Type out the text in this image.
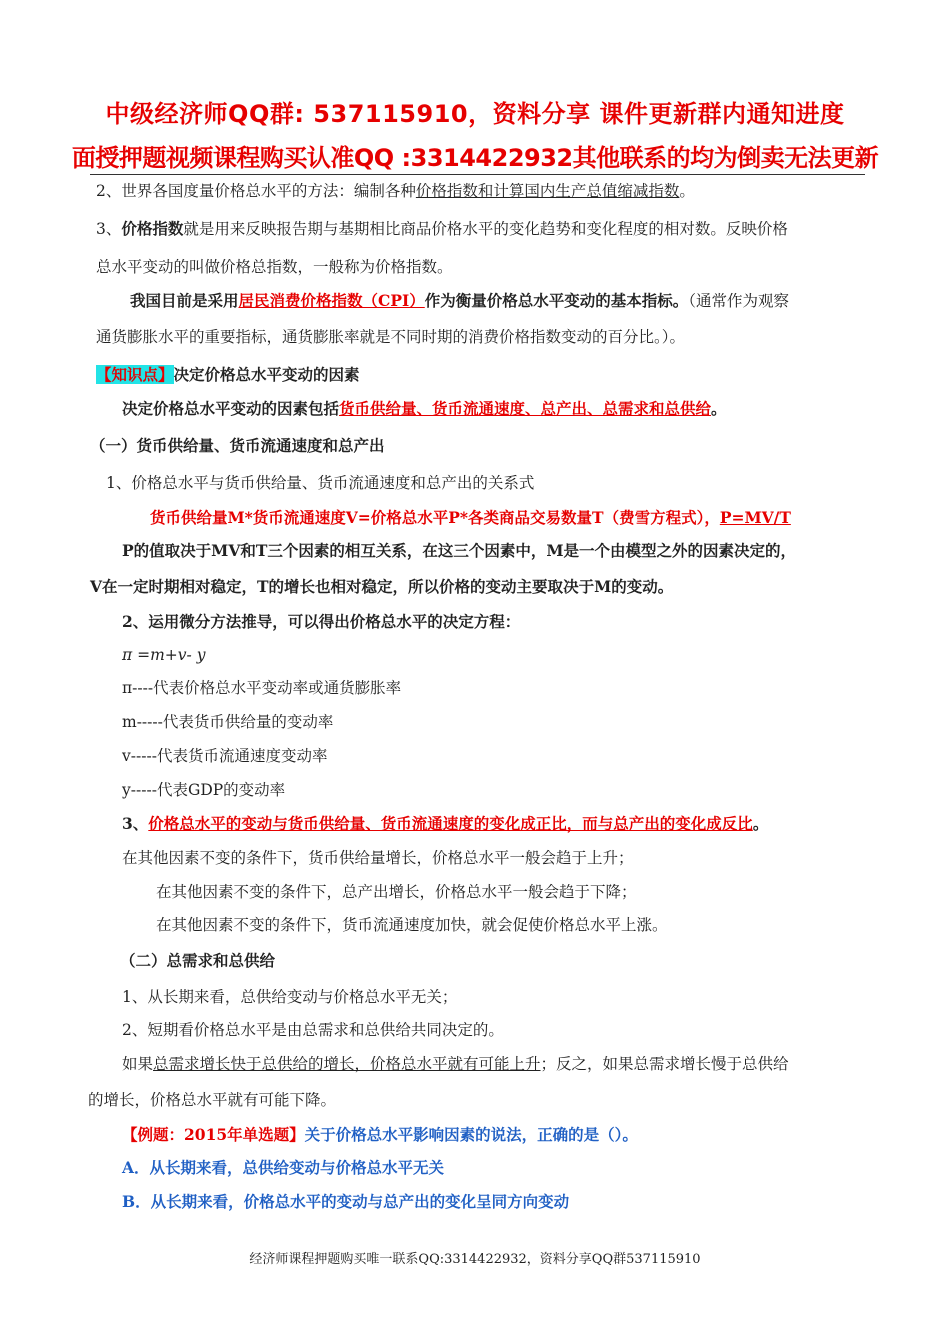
中级经济师QQ群: 537115910，资料分享 课件更新群内通知进度
面授押题视频课程购买认准QQ :3314422932其他联系的均为倒卖无法更新
2、世界各国度量价格总水平的方法：编制各种价格指数和计算国内生产总值缩减指数。
3、价格指数就是用来反映报告期与基期相比商品价格水平的变化趋势和变化程度的相对数。反映价格
总水平变动的叫做价格总指数，一般称为价格指数。
我国目前是采用居民消费价格指数（CPI）作为衡量价格总水平变动的基本指标。（通常作为观察
通货膨胀水平的重要指标，通货膨胀率就是不同时期的消费价格指数变动的百分比。）。
【知识点】决定价格总水平变动的因素
决定价格总水平变动的因素包括货币供给量、货币流通速度、总产出、总需求和总供给。
（一）货币供给量、货币流通速度和总产出
1、价格总水平与货币供给量、货币流通速度和总产出的关系式
货币供给量M*货币流通速度V=价格总水平P*各类商品交易数量T（费雪方程式），P=MV/T
P的值取决于MV和T三个因素的相互关系，在这三个因素中，M是一个由模型之外的因素决定的，
V在一定时期相对稳定，T的增长也相对稳定，所以价格的变动主要取决于M的变动。
2、运用微分方法推导，可以得出价格总水平的决定方程：
π =m+v- y
π----代表价格总水平变动率或通货膨胀率
m-----代表货币供给量的变动率
v-----代表货币流通速度变动率
y-----代表GDP的变动率
3、价格总水平的变动与货币供给量、货币流通速度的变化成正比，而与总产出的变化成反比。
在其他因素不变的条件下，货币供给量增长，价格总水平一般会趋于上升；
在其他因素不变的条件下，总产出增长，价格总水平一般会趋于下降；
在其他因素不变的条件下，货币流通速度加快，就会促使价格总水平上涨。
（二）总需求和总供给
1、从长期来看，总供给变动与价格总水平无关；
2、短期看价格总水平是由总需求和总供给共同决定的。
如果总需求增长快于总供给的增长，价格总水平就有可能上升；反之，如果总需求增长慢于总供给
的增长，价格总水平就有可能下降。
【例题：2015年单选题】关于价格总水平影响因素的说法，正确的是（）。
A．从长期来看，总供给变动与价格总水平无关
B．从长期来看，价格总水平的变动与总产出的变化呈同方向变动
经济师课程押题购买唯一联系QQ:3314422932，资料分享QQ群537115910
